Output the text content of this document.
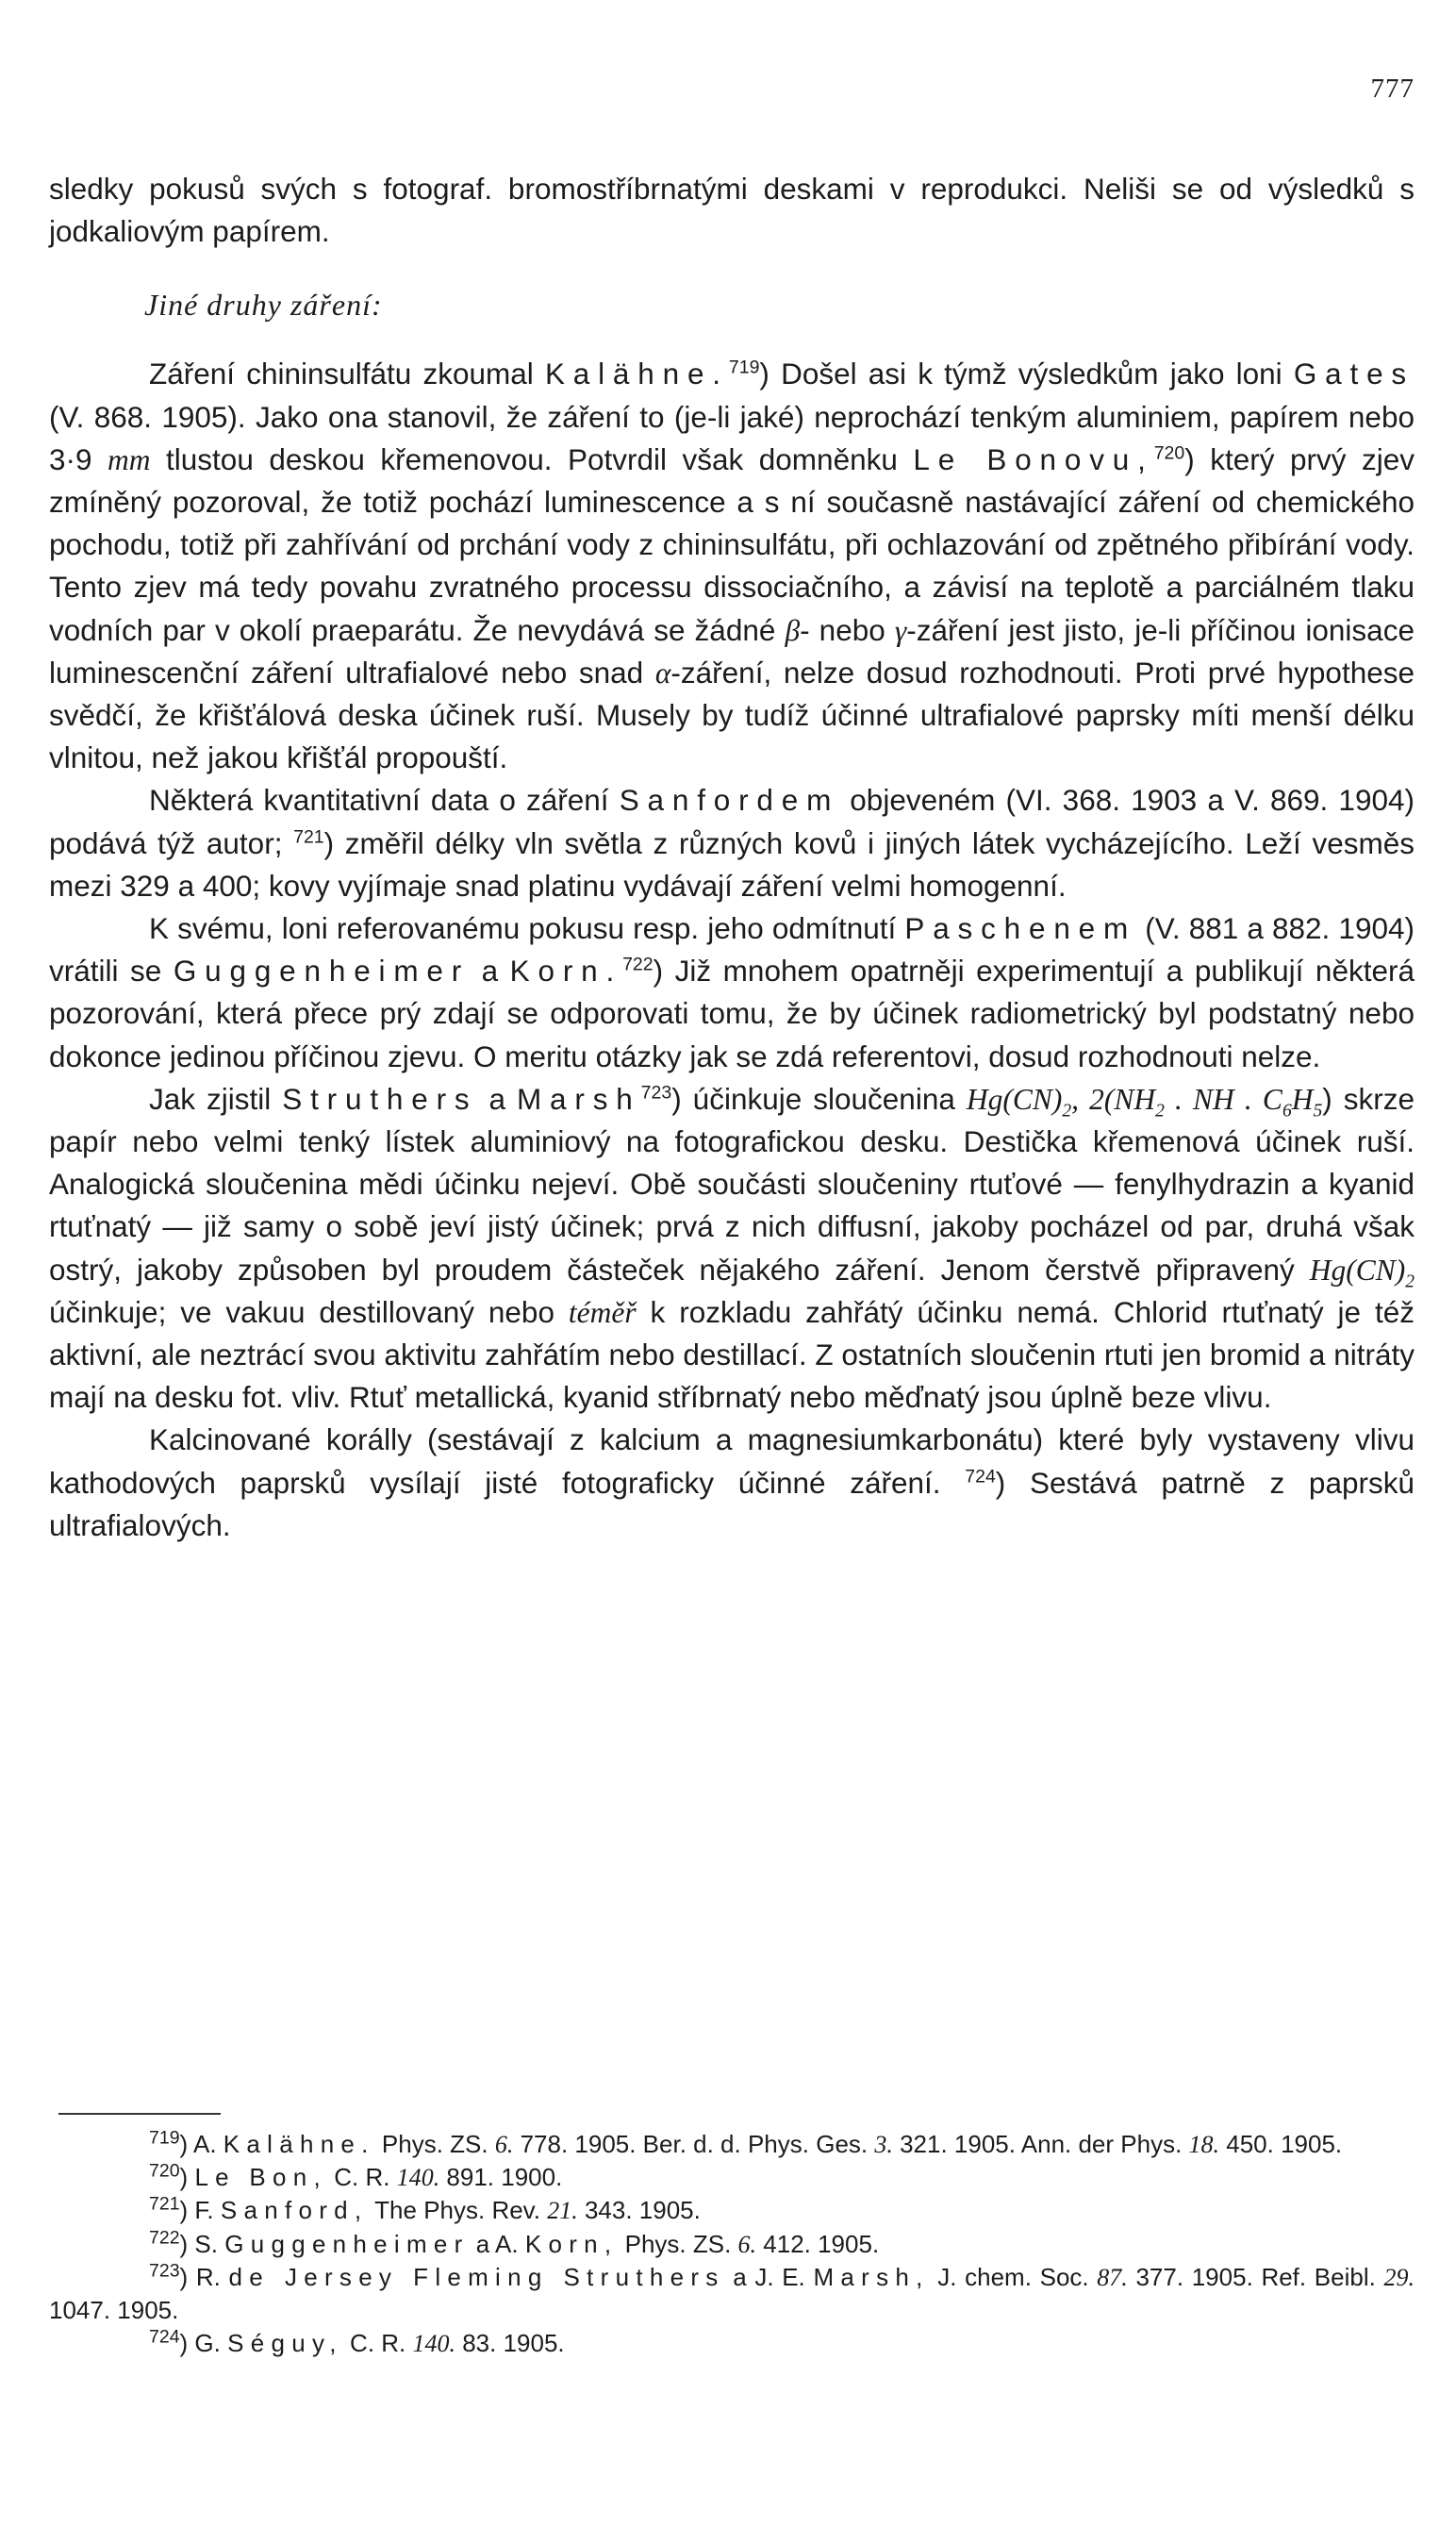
777

sledky pokusů svých s fotograf. bromostříbrnatými deskami v reprodukci. Neliši se od výsledků s jodkaliovým papírem.

Jiné druhy záření:

Záření chininsulfátu zkoumal Kalähne.$^{719}$) Došel asi k týmž výsledkům jako loni Gates (V. 868. 1905). Jako ona stanovil, že záření to (je-li jaké) neprochází tenkým aluminiem, papírem nebo 3·9 mm tlustou deskou křemenovou. Potvrdil však domněnku Le Bonovu,$^{720}$) který prvý zjev zmíněný pozoroval, že totiž pochází luminescence a s ní současně nastávající záření od chemického pochodu, totiž při zahřívání od prchání vody z chininsulfátu, při ochlazování od zpětného přibírání vody. Tento zjev má tedy povahu zvratného processu dissociačního, a závisí na teplotě a parciálném tlaku vodních par v okolí praeparátu. Že nevydává se žádné β- nebo γ-záření jest jisto, je-li příčinou ionisace luminescenční záření ultrafialové nebo snad α-záření, nelze dosud rozhodnouti. Proti prvé hypothese svědčí, že křišťálová deska účinek ruší. Musely by tudíž účinné ultrafialové paprsky míti menší délku vlnitou, než jakou křišťál propouští.

Některá kvantitativní data o záření Sanfordem objeveném (VI. 368. 1903 a V. 869. 1904) podává týž autor; $^{721}$) změřil délky vln světla z různých kovů i jiných látek vycházejícího. Leží vesměs mezi 329 a 400; kovy vyjímaje snad platinu vydávají záření velmi homogenní.

K svému, loni referovanému pokusu resp. jeho odmítnutí Paschenem (V. 881 a 882. 1904) vrátili se Guggenheimer a Korn.$^{722}$) Již mnohem opatrněji experimentují a publikují některá pozorování, která přece prý zdají se odporovati tomu, že by účinek radiometrický byl podstatný nebo dokonce jedinou příčinou zjevu. O meritu otázky jak se zdá referentovi, dosud rozhodnouti nelze.

Jak zjistil Struthers a Marsh$^{723}$) účinkuje sloučenina $Hg(CN)_2$, $2(NH_2$ . NH . $C_6H_5$) skrze papír nebo velmi tenký lístek aluminiový na fotografickou desku. Destička křemenová účinek ruší. Analogická sloučenina mědi účinku nejeví. Obě součásti sloučeniny rtuťové — fenylhydrazin a kyanid rtuťnatý — již samy o sobě jeví jistý účinek; prvá z nich diffusní, jakoby pocházel od par, druhá však ostrý, jakoby způsoben byl proudem částeček nějakého záření. Jenom čerstvě připravený $Hg(CN)_2$ účinkuje; ve vakuu destillovaný nebo téměř k rozkladu zahřátý účinku nemá. Chlorid rtuťnatý je též aktivní, ale neztrácí svou aktivitu zahřátím nebo destillací. Z ostatních sloučenin rtuti jen bromid a nitráty mají na desku fot. vliv. Rtuť metallická, kyanid stříbrnatý nebo měďnatý jsou úplně beze vlivu.

Kalcinované korálly (sestávají z kalcium a magnesiumkarbonátu) které byly vystaveny vlivu kathodových paprsků vysílají jisté fotograficky účinné záření. $^{724}$) Sestává patrně z paprsků ultrafialových.

$^{719}$) A. Kalähne. Phys. ZS. 6. 778. 1905. Ber. d. d. Phys. Ges. 3. 321. 1905. Ann. der Phys. 18. 450. 1905.

$^{720}$) Le Bon, C. R. 140. 891. 1900.

$^{721}$) F. Sanford, The Phys. Rev. 21. 343. 1905.

$^{722}$) S. Guggenheimer a A. Korn, Phys. ZS. 6. 412. 1905.

$^{723}$) R. de Jersey Fleming Struthers a J. E. Marsh, J. chem. Soc. 87. 377. 1905. Ref. Beibl. 29. 1047. 1905.

$^{724}$) G. Séguy, C. R. 140. 83. 1905.
